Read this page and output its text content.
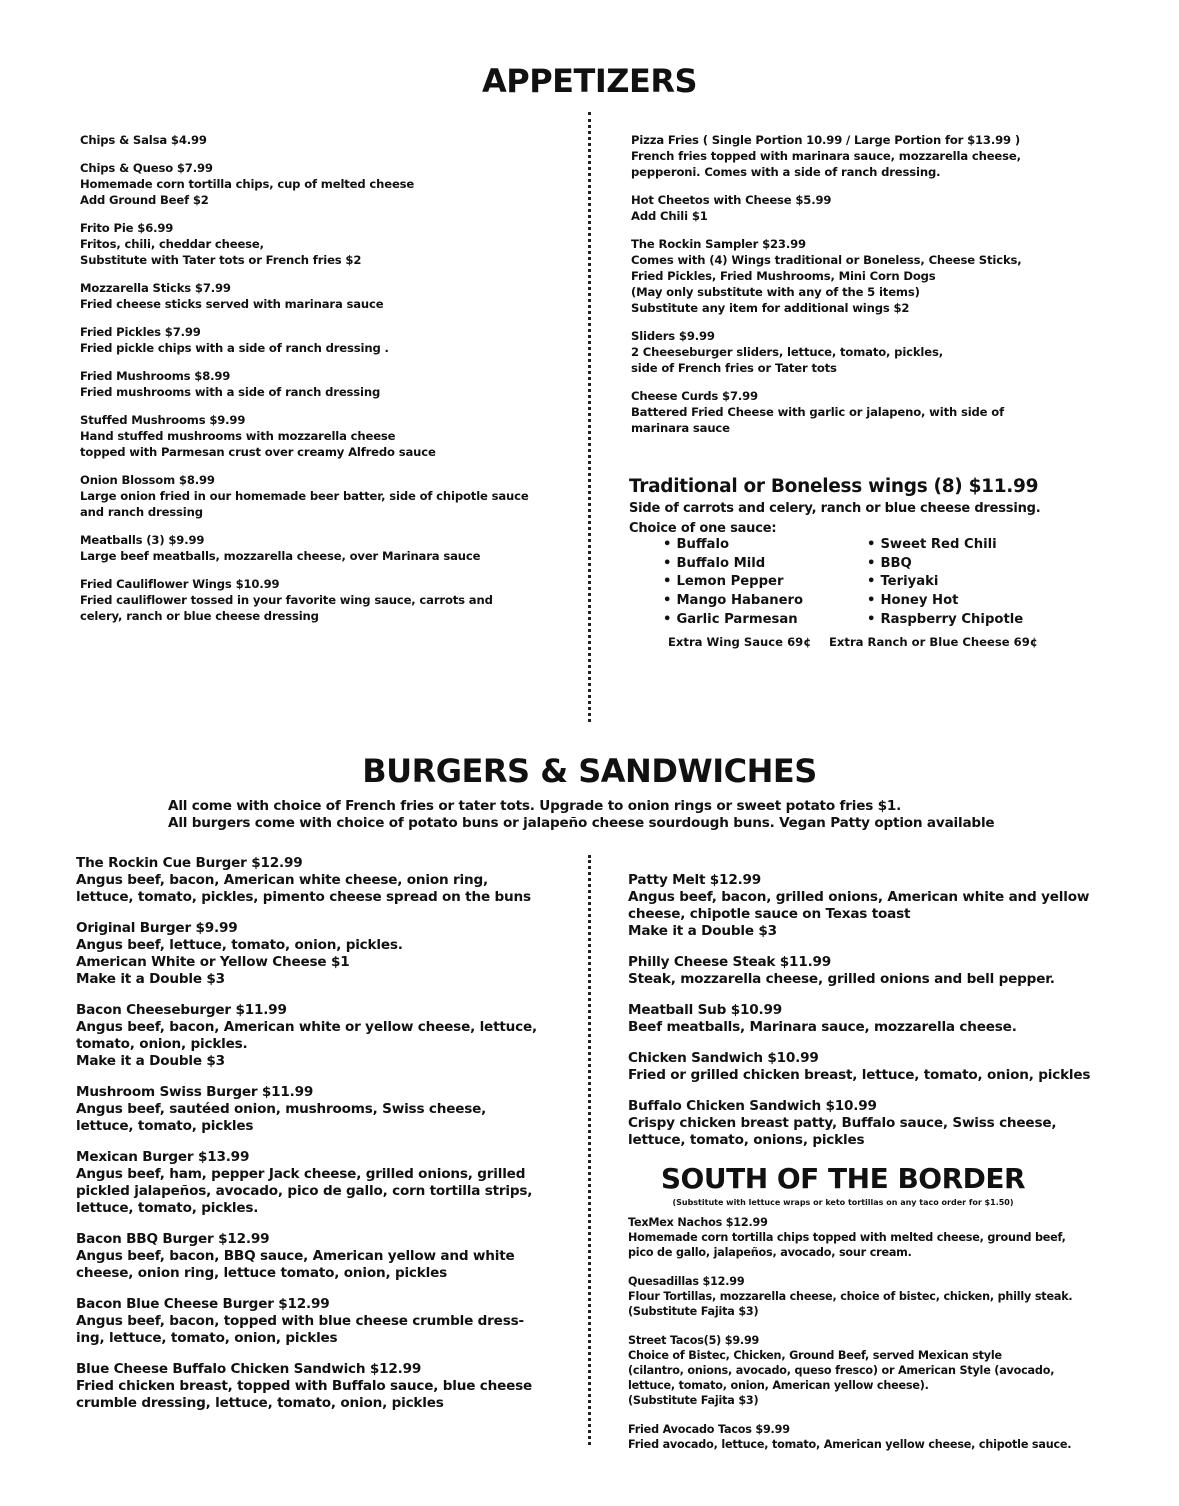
APPETIZERS
Chips & Salsa $4.99
Chips & Queso $7.99
Homemade corn tortilla chips, cup of melted cheese
Add Ground Beef $2
Frito Pie $6.99
Fritos, chili, cheddar cheese,
Substitute with Tater tots or French fries $2
Mozzarella Sticks $7.99
Fried cheese sticks served with marinara sauce
Fried Pickles $7.99
Fried pickle chips with a side of ranch dressing .
Fried Mushrooms $8.99
Fried mushrooms with a side of ranch dressing
Stuffed Mushrooms $9.99
Hand stuffed mushrooms with mozzarella cheese
topped with Parmesan crust over creamy Alfredo sauce
Onion Blossom $8.99
Large onion fried in our homemade beer batter, side of chipotle sauce
and ranch dressing
Meatballs (3) $9.99
Large beef meatballs, mozzarella cheese, over Marinara sauce
Fried Cauliflower Wings $10.99
Fried cauliflower tossed in your favorite wing sauce, carrots and
celery, ranch or blue cheese dressing
Pizza Fries ( Single Portion 10.99 / Large Portion for $13.99 )
French fries topped with marinara sauce, mozzarella cheese,
pepperoni. Comes with a side of ranch dressing.
Hot Cheetos with Cheese $5.99
Add Chili $1
The Rockin Sampler $23.99
Comes with (4) Wings traditional or Boneless, Cheese Sticks,
Fried Pickles, Fried Mushrooms, Mini Corn Dogs
(May only substitute with any of the 5 items)
Substitute any item for additional wings $2
Sliders $9.99
2 Cheeseburger sliders, lettuce, tomato, pickles,
side of French fries or Tater tots
Cheese Curds $7.99
Battered Fried Cheese with garlic or jalapeno, with side of
marinara sauce
Traditional or Boneless wings (8) $11.99
Side of carrots and celery, ranch or blue cheese dressing.
Choice of one sauce:
• Buffalo
• Buffalo Mild
• Lemon Pepper
• Mango Habanero
• Garlic Parmesan
• Sweet Red Chili
• BBQ
• Teriyaki
• Honey Hot
• Raspberry Chipotle
Extra Wing Sauce 69¢ Extra Ranch or Blue Cheese 69¢
BURGERS & SANDWICHES
All come with choice of French fries or tater tots. Upgrade to onion rings or sweet potato fries $1.
All burgers come with choice of potato buns or jalapeño cheese sourdough buns. Vegan Patty option available
The Rockin Cue Burger $12.99
Angus beef, bacon, American white cheese, onion ring,
lettuce, tomato, pickles, pimento cheese spread on the buns
Original Burger $9.99
Angus beef, lettuce, tomato, onion, pickles.
American White or Yellow Cheese $1
Make it a Double $3
Bacon Cheeseburger $11.99
Angus beef, bacon, American white or yellow cheese, lettuce,
tomato, onion, pickles.
Make it a Double $3
Mushroom Swiss Burger $11.99
Angus beef, sautéed onion, mushrooms, Swiss cheese,
lettuce, tomato, pickles
Mexican Burger $13.99
Angus beef, ham, pepper Jack cheese, grilled onions, grilled
pickled jalapeños, avocado, pico de gallo, corn tortilla strips,
lettuce, tomato, pickles.
Bacon BBQ Burger $12.99
Angus beef, bacon, BBQ sauce, American yellow and white
cheese, onion ring, lettuce tomato, onion, pickles
Bacon Blue Cheese Burger $12.99
Angus beef, bacon, topped with blue cheese crumble dress-
ing, lettuce, tomato, onion, pickles
Blue Cheese Buffalo Chicken Sandwich $12.99
Fried chicken breast, topped with Buffalo sauce, blue cheese
crumble dressing, lettuce, tomato, onion, pickles
Patty Melt $12.99
Angus beef, bacon, grilled onions, American white and yellow
cheese, chipotle sauce on Texas toast
Make it a Double $3
Philly Cheese Steak $11.99
Steak, mozzarella cheese, grilled onions and bell pepper.
Meatball Sub $10.99
Beef meatballs, Marinara sauce, mozzarella cheese.
Chicken Sandwich $10.99
Fried or grilled chicken breast, lettuce, tomato, onion, pickles
Buffalo Chicken Sandwich $10.99
Crispy chicken breast patty, Buffalo sauce, Swiss cheese,
lettuce, tomato, onions, pickles
SOUTH OF THE BORDER
(Substitute with lettuce wraps or keto tortillas on any taco order for $1.50)
TexMex Nachos $12.99
Homemade corn tortilla chips topped with melted cheese, ground beef,
pico de gallo, jalapeños, avocado, sour cream.
Quesadillas $12.99
Flour Tortillas, mozzarella cheese, choice of bistec, chicken, philly steak.
(Substitute Fajita $3)
Street Tacos(5) $9.99
Choice of Bistec, Chicken, Ground Beef, served Mexican style
(cilantro, onions, avocado, queso fresco) or American Style (avocado,
lettuce, tomato, onion, American yellow cheese).
(Substitute Fajita $3)
Fried Avocado Tacos $9.99
Fried avocado, lettuce, tomato, American yellow cheese, chipotle sauce.
